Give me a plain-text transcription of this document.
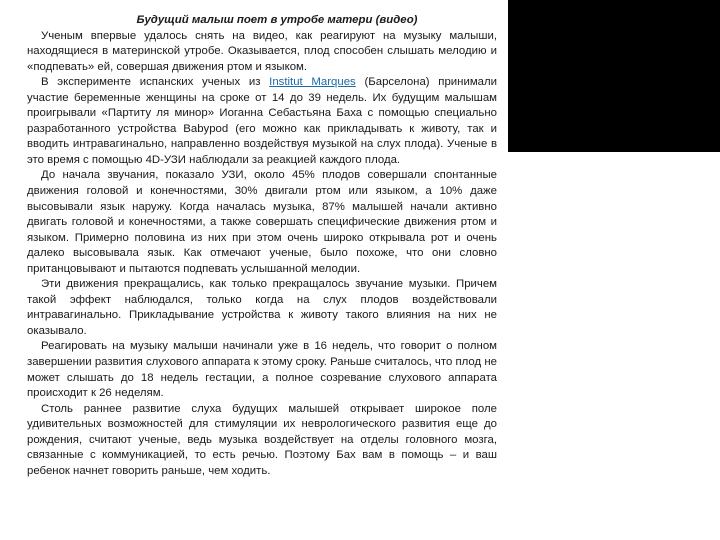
Будущий малыш поет в утробе матери (видео)

Ученым впервые удалось снять на видео, как реагируют на музыку малыши, находящиеся в материнской утробе. Оказывается, плод способен слышать мелодию и «подпевать» ей, совершая движения ртом и языком.

В эксперименте испанских ученых из Institut Marques (Барселона) принимали участие беременные женщины на сроке от 14 до 39 недель. Их будущим малышам проигрывали «Партиту ля минор» Иоганна Себастьяна Баха с помощью специально разработанного устройства Babypod (его можно как прикладывать к животу, так и вводить интравагинально, направленно воздействуя музыкой на слух плода). Ученые в это время с помощью 4D-УЗИ наблюдали за реакцией каждого плода.

До начала звучания, показало УЗИ, около 45% плодов совершали спонтанные движения головой и конечностями, 30% двигали ртом или языком, а 10% даже высовывали язык наружу. Когда началась музыка, 87% малышей начали активно двигать головой и конечностями, а также совершать специфические движения ртом и языком. Примерно половина из них при этом очень широко открывала рот и очень далеко высовывала язык. Как отмечают ученые, было похоже, что они словно пританцовывают и пытаются подпевать услышанной мелодии.

Эти движения прекращались, как только прекращалось звучание музыки. Причем такой эффект наблюдался, только когда на слух плодов воздействовали интравагинально. Прикладывание устройства к животу такого влияния на них не оказывало.

Реагировать на музыку малыши начинали уже в 16 недель, что говорит о полном завершении развития слухового аппарата к этому сроку. Раньше считалось, что плод не может слышать до 18 недель гестации, а полное созревание слухового аппарата происходит к 26 неделям.

Столь раннее развитие слуха будущих малышей открывает широкое поле удивительных возможностей для стимуляции их неврологического развития еще до рождения, считают ученые, ведь музыка воздействует на отделы головного мозга, связанные с коммуникацией, то есть речью. Поэтому Бах вам в помощь – и ваш ребенок начнет говорить раньше, чем ходить.
